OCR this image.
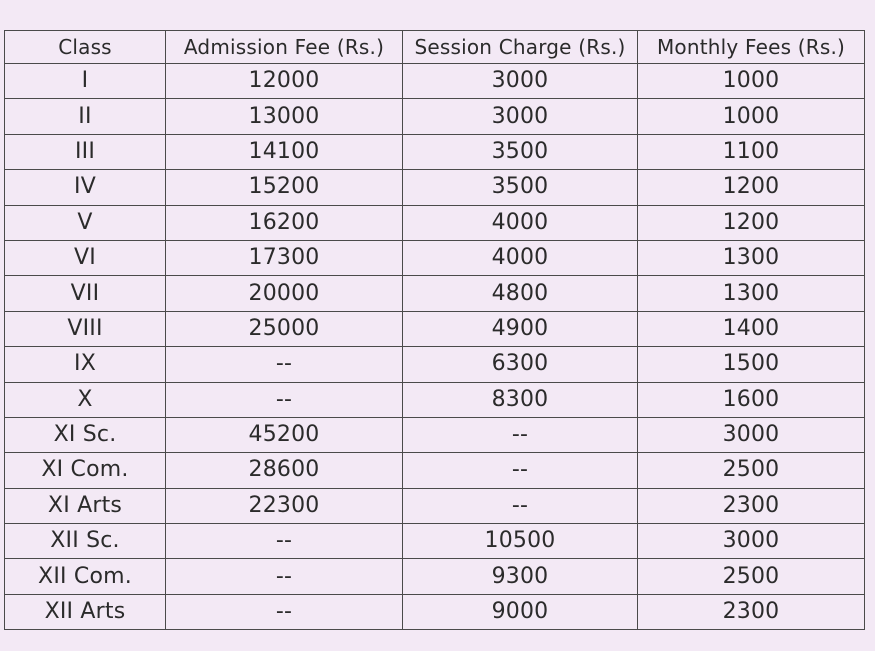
Class	Admission Fee (Rs.)	Session Charge (Rs.)	Monthly Fees (Rs.)
I	12000	3000	1000
II	13000	3000	1000
III	14100	3500	1100
IV	15200	3500	1200
V	16200	4000	1200
VI	17300	4000	1300
VII	20000	4800	1300
VIII	25000	4900	1400
IX	--	6300	1500
X	--	8300	1600
XI Sc.	45200	--	3000
XI Com.	28600	--	2500
XI Arts	22300	--	2300
XII Sc.	--	10500	3000
XII Com.	--	9300	2500
XII Arts	--	9000	2300
